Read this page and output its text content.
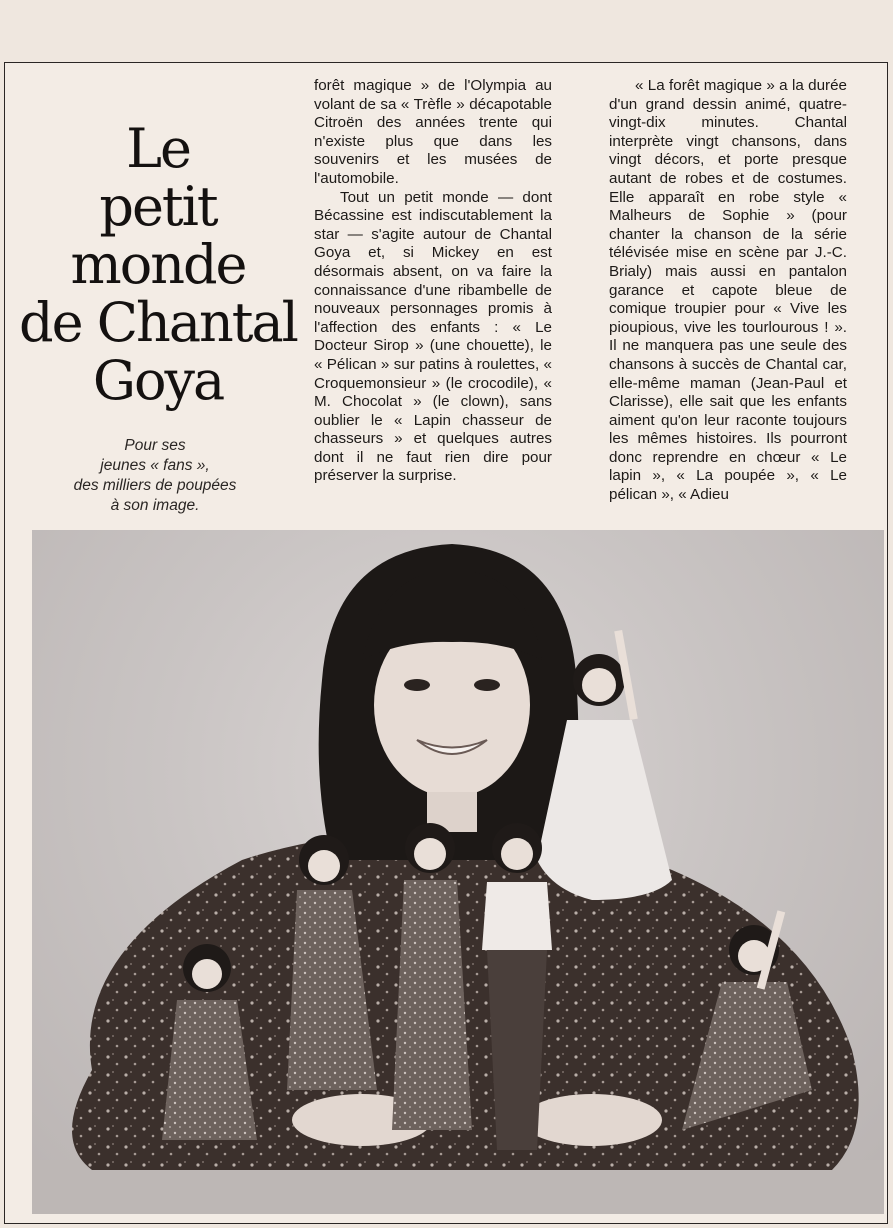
Le
petit monde
de Chantal
Goya
Pour ses
jeunes « fans »,
des milliers de poupées
à son image.

forêt magique » de l'Olympia au volant de sa « Trèfle » décapotable Citroën des années trente qui n'existe plus que dans les souvenirs et les musées de l'automobile.

Tout un petit monde — dont Bécassine est indiscutablement la star — s'agite autour de Chantal Goya et, si Mickey en est désormais absent, on va faire la connaissance d'une ribambelle de nouveaux personnages promis à l'affection des enfants : « Le Docteur Sirop » (une chouette), le « Pélican » sur patins à roulettes, « Croquemonsieur » (le crocodile), « M. Chocolat » (le clown), sans oublier le « Lapin chasseur de chasseurs » et quelques autres dont il ne faut rien dire pour préserver la surprise.

« La forêt magique » a la durée d'un grand dessin animé, quatre-vingt-dix minutes. Chantal interprète vingt chansons, dans vingt décors, et porte presque autant de robes et de costumes. Elle apparaît en robe style « Malheurs de Sophie » (pour chanter la chanson de la série télévisée mise en scène par J.-C. Brialy) mais aussi en pantalon garance et capote bleue de comique troupier pour « Vive les pioupious, vive les tourlourous ! ». Il ne manquera pas une seule des chansons à succès de Chantal car, elle-même maman (Jean-Paul et Clarisse), elle sait que les enfants aiment qu'on leur raconte toujours les mêmes histoires. Ils pourront donc reprendre en chœur « Le lapin », « La poupée », « Le pélican », « Adieu
